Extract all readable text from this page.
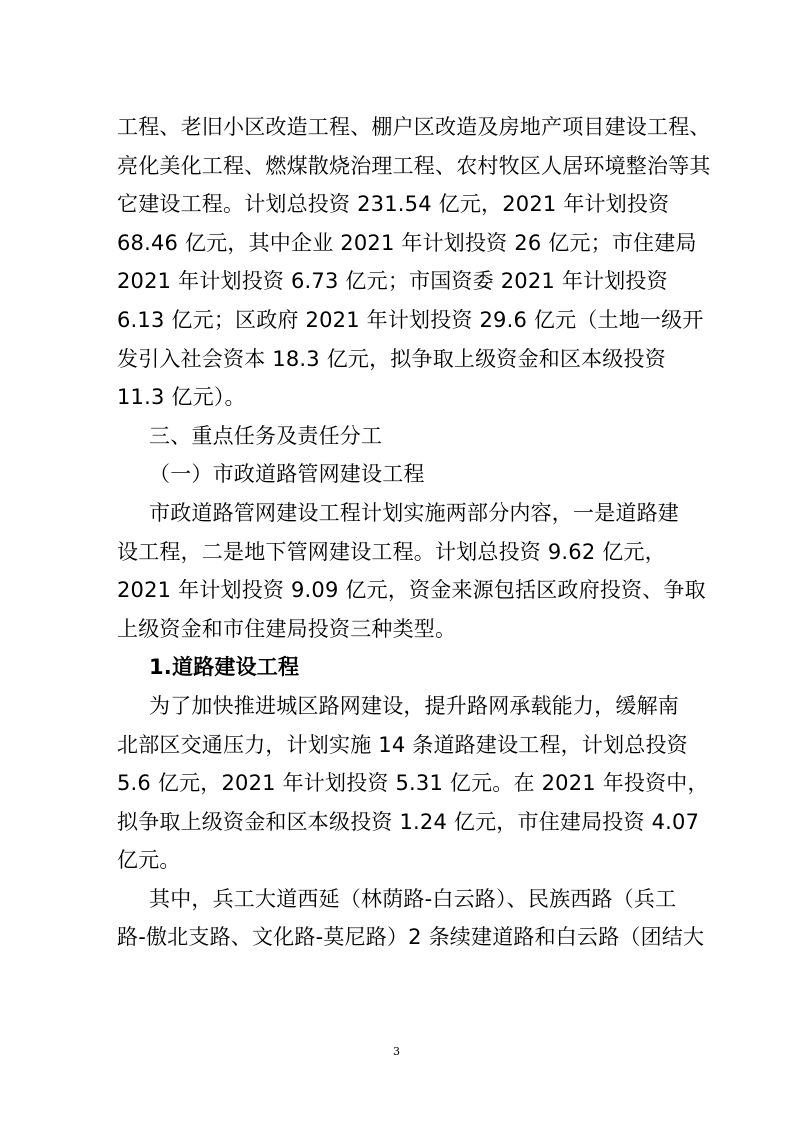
工程、老旧小区改造工程、棚户区改造及房地产项目建设工程、
亮化美化工程、燃煤散烧治理工程、农村牧区人居环境整治等其
它建设工程。计划总投资 231.54 亿元，2021 年计划投资
68.46 亿元，其中企业 2021 年计划投资 26 亿元；市住建局
2021 年计划投资 6.73 亿元；市国资委 2021 年计划投资
6.13 亿元；区政府 2021 年计划投资 29.6 亿元（土地一级开
发引入社会资本 18.3 亿元，拟争取上级资金和区本级投资
11.3 亿元）。
三、重点任务及责任分工
（一）市政道路管网建设工程
市政道路管网建设工程计划实施两部分内容，一是道路建
设工程，二是地下管网建设工程。计划总投资 9.62 亿元，
2021 年计划投资 9.09 亿元，资金来源包括区政府投资、争取
上级资金和市住建局投资三种类型。
1.道路建设工程
为了加快推进城区路网建设，提升路网承载能力，缓解南
北部区交通压力，计划实施 14 条道路建设工程，计划总投资
5.6 亿元，2021 年计划投资 5.31 亿元。在 2021 年投资中，
拟争取上级资金和区本级投资 1.24 亿元，市住建局投资 4.07
亿元。
其中，兵工大道西延（林荫路-白云路）、民族西路（兵工
路-傲北支路、文化路-莫尼路）2 条续建道路和白云路（团结大
3
